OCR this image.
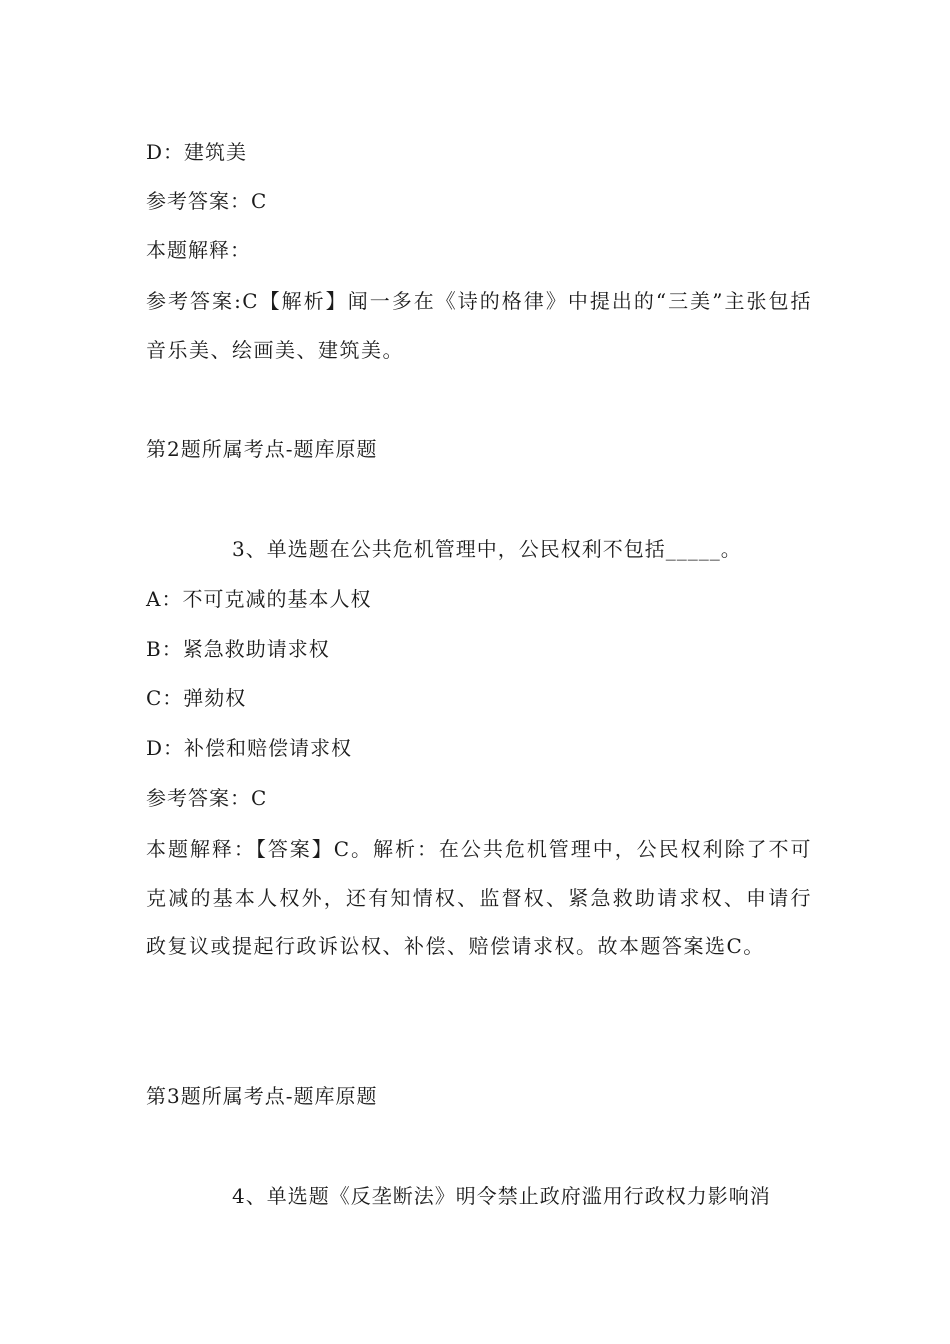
D：建筑美
参考答案：C
本题解释：
参考答案:C【解析】闻一多在《诗的格律》中提出的“三美”主张包括音乐美、绘画美、建筑美。
第2题所属考点-题库原题
3、单选题在公共危机管理中，公民权利不包括_____。
A：不可克减的基本人权
B：紧急救助请求权
C：弹劾权
D：补偿和赔偿请求权
参考答案：C
本题解释：【答案】C。解析：在公共危机管理中，公民权利除了不可克减的基本人权外，还有知情权、监督权、紧急救助请求权、申请行政复议或提起行政诉讼权、补偿、赔偿请求权。故本题答案选C。
第3题所属考点-题库原题
4、单选题《反垄断法》明令禁止政府滥用行政权力影响消
